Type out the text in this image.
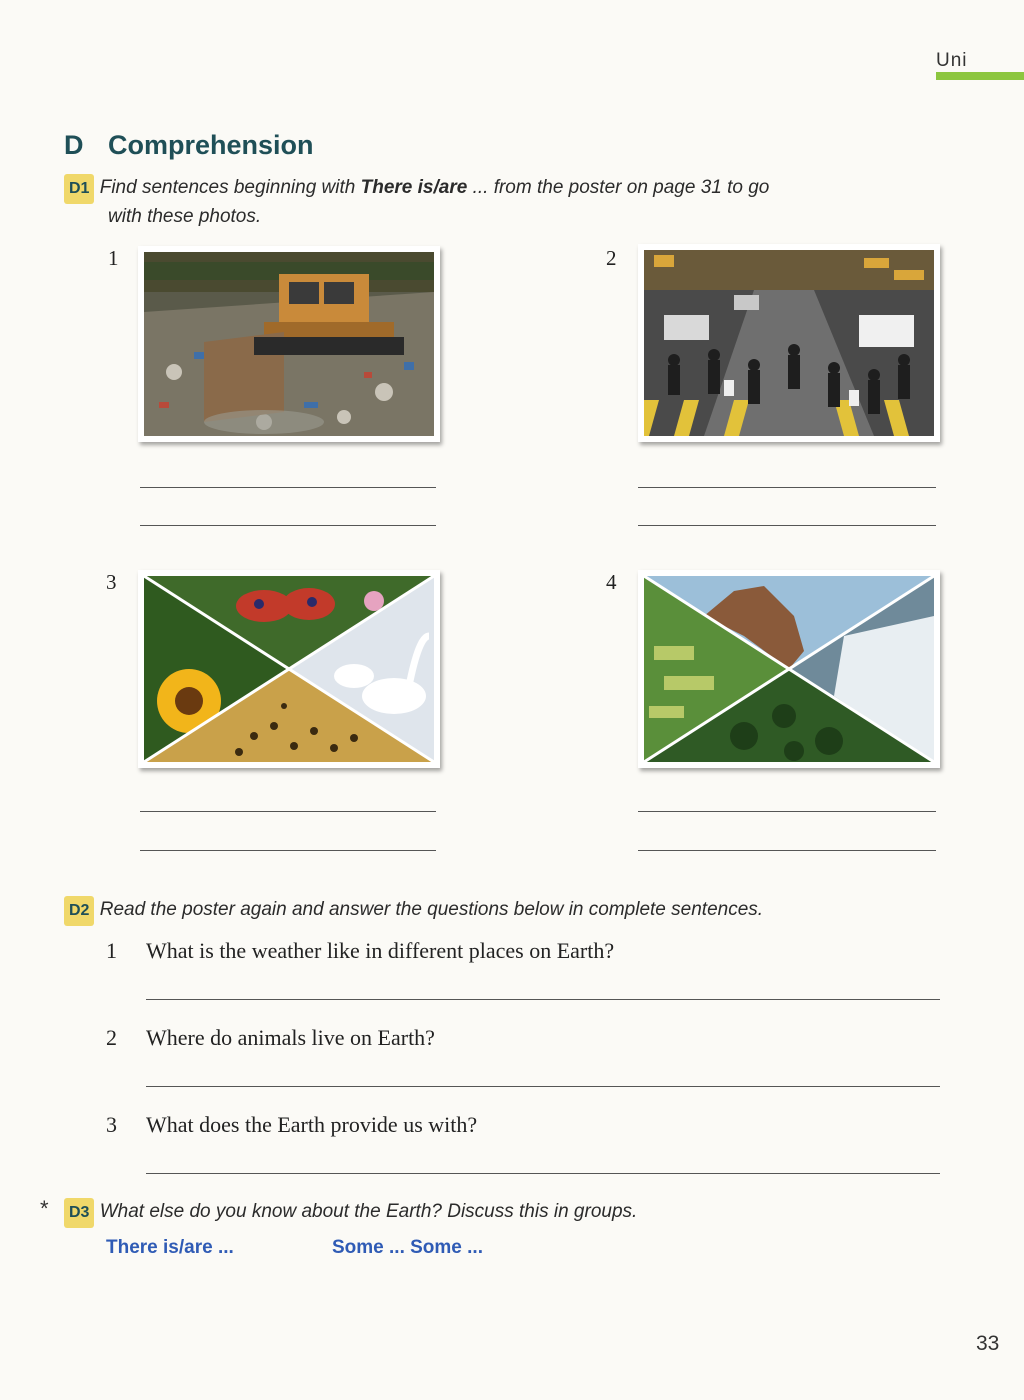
Uni
D Comprehension
D1 Find sentences beginning with There is/are ... from the poster on page 31 to go
with these photos.
1	2
3	4
D2 Read the poster again and answer the questions below in complete sentences.
1 What is the weather like in different places on Earth?
2 Where do animals live on Earth?
3 What does the Earth provide us with?
*	D3 What else do you know about the Earth? Discuss this in groups.
There is/are ...	Some ... Some ...
33
